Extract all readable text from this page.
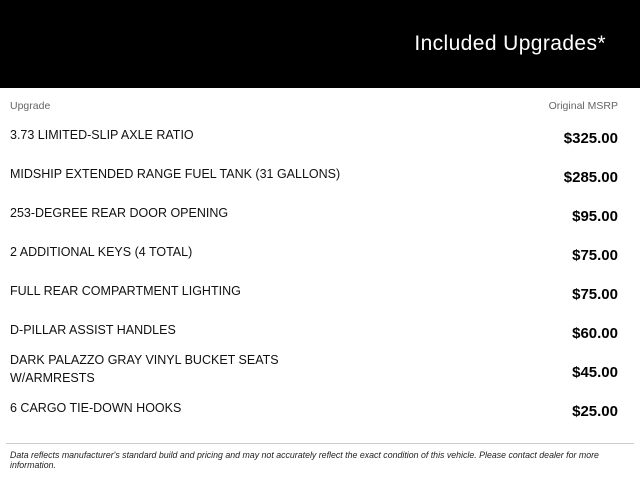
Included Upgrades*
Upgrade	Original MSRP
3.73 LIMITED-SLIP AXLE RATIO	$325.00
MIDSHIP EXTENDED RANGE FUEL TANK (31 GALLONS)	$285.00
253-DEGREE REAR DOOR OPENING	$95.00
2 ADDITIONAL KEYS (4 TOTAL)	$75.00
FULL REAR COMPARTMENT LIGHTING	$75.00
D-PILLAR ASSIST HANDLES	$60.00
DARK PALAZZO GRAY VINYL BUCKET SEATS W/ARMRESTS	$45.00
6 CARGO TIE-DOWN HOOKS	$25.00
Data reflects manufacturer's standard build and pricing and may not accurately reflect the exact condition of this vehicle. Please contact dealer for more information.
